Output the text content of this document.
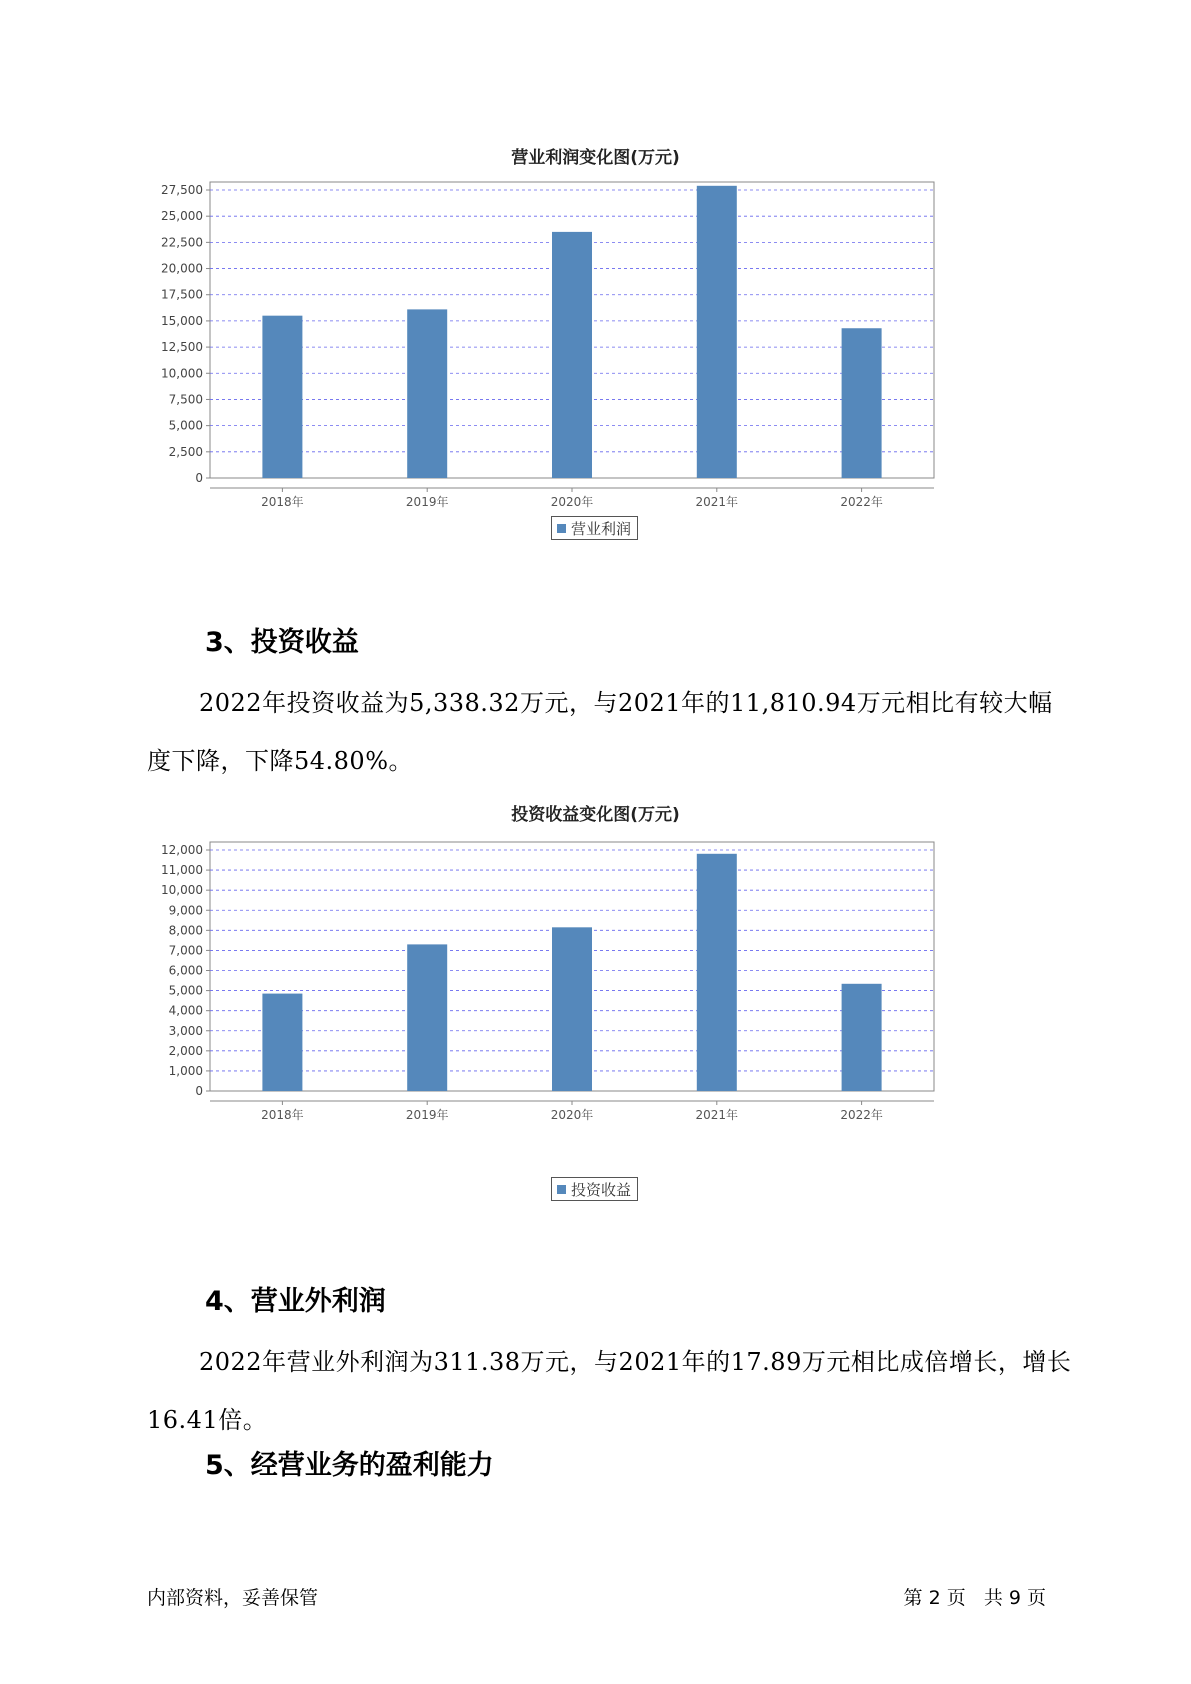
营业利润变化图(万元)
0
2,500
5,000
7,500
10,000
12,500
15,000
17,500
20,000
22,500
25,000
27,500
2018年	2019年	2020年	2021年	2022年
营业利润
3、投资收益

2022年投资收益为5,338.32万元，与2021年的11,810.94万元相比有较大幅度下降，下降54.80%。

投资收益变化图(万元)
0
1,000
2,000
3,000
4,000
5,000
6,000
7,000
8,000
9,000
10,000
11,000
12,000
2018年	2019年	2020年	2021年	2022年
投资收益
4、营业外利润

2022年营业外利润为311.38万元，与2021年的17.89万元相比成倍增长，增长16.41倍。

5、经营业务的盈利能力
内部资料，妥善保管	第 2 页   共 9 页
